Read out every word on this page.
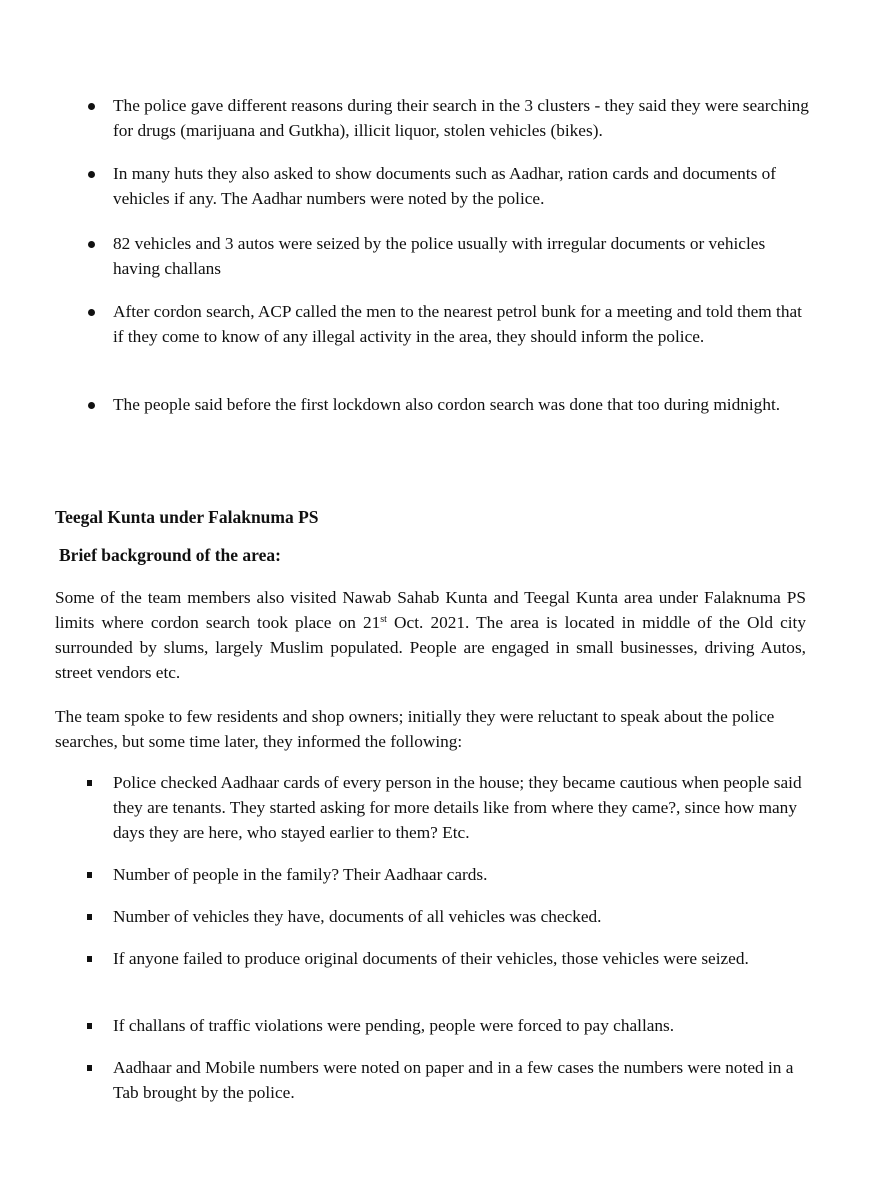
The police gave different reasons during their search in the 3 clusters - they said they were searching for drugs (marijuana and Gutkha), illicit liquor, stolen vehicles (bikes).
In many huts they also asked to show documents such as Aadhar, ration cards and documents of vehicles if any. The Aadhar numbers were noted by the police.
82 vehicles and 3 autos were seized by the police usually with irregular documents or vehicles having challans
After cordon search, ACP called the men to the nearest petrol bunk for a meeting and told them that if they come to know of any illegal activity in the area, they should inform the police.
The people said before the first lockdown also cordon search was done that too during midnight.
Teegal Kunta under Falaknuma PS
Brief background of the area:

Some of the team members also visited Nawab Sahab Kunta and Teegal Kunta area under Falaknuma PS limits where cordon search took place on 21st Oct. 2021. The area is located in middle of the Old city surrounded by slums, largely Muslim populated. People are engaged in small businesses, driving Autos, street vendors etc.

The team spoke to few residents and shop owners; initially they were reluctant to speak about the police searches, but some time later, they informed the following:

Police checked Aadhaar cards of every person in the house; they became cautious when people said they are tenants. They started asking for more details like from where they came?, since how many days they are here, who stayed earlier to them? Etc.
Number of people in the family? Their Aadhaar cards.
Number of vehicles they have, documents of all vehicles was checked.
If anyone failed to produce original documents of their vehicles, those vehicles were seized.
If challans of traffic violations were pending, people were forced to pay challans.
Aadhaar and Mobile numbers were noted on paper and in a few cases the numbers were noted in a Tab brought by the police.
